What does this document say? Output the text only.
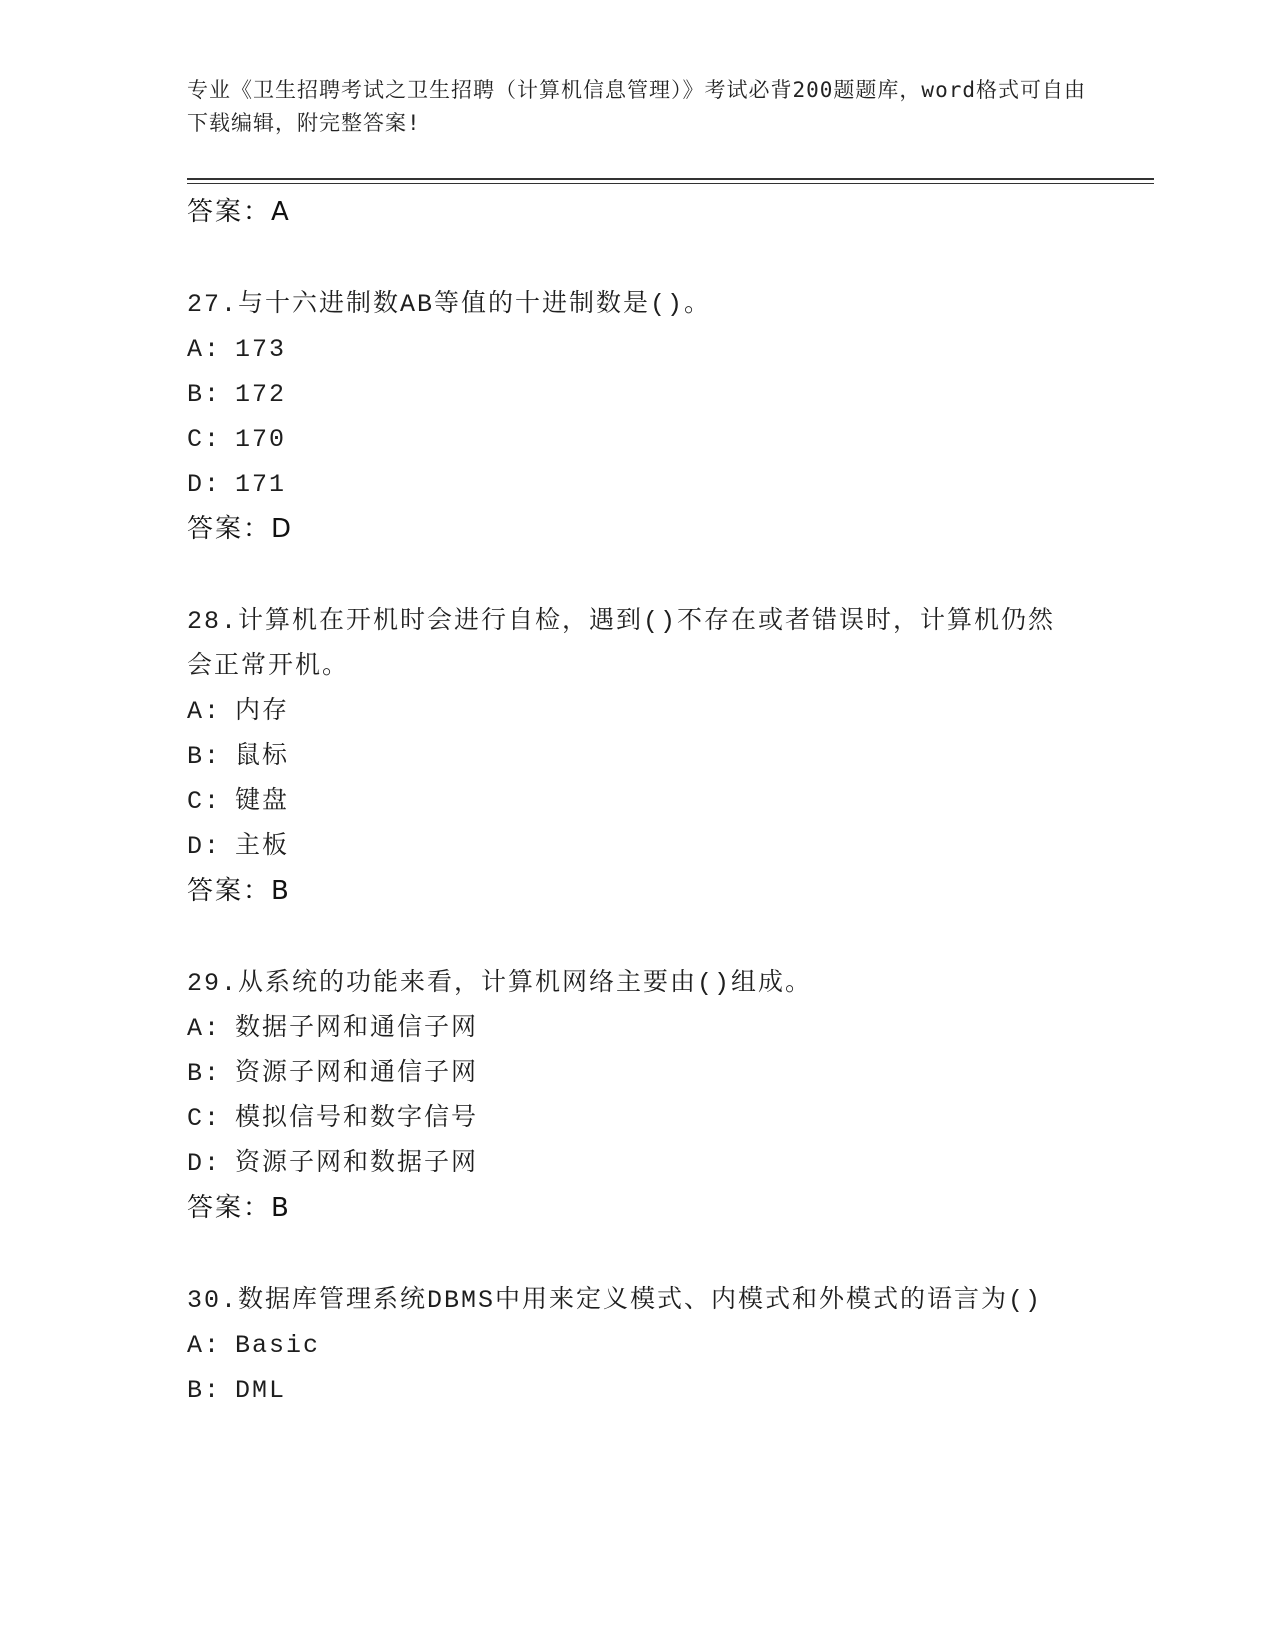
专业《卫生招聘考试之卫生招聘（计算机信息管理）》考试必背200题题库，word格式可自由下载编辑，附完整答案!
答案：A
27.与十六进制数AB等值的十进制数是()。
A: 173
B: 172
C: 170
D: 171
答案：D
28.计算机在开机时会进行自检，遇到()不存在或者错误时，计算机仍然会正常开机。
A: 内存
B: 鼠标
C: 键盘
D: 主板
答案：B
29.从系统的功能来看，计算机网络主要由()组成。
A: 数据子网和通信子网
B: 资源子网和通信子网
C: 模拟信号和数字信号
D: 资源子网和数据子网
答案：B
30.数据库管理系统DBMS中用来定义模式、内模式和外模式的语言为()
A: Basic
B: DML
